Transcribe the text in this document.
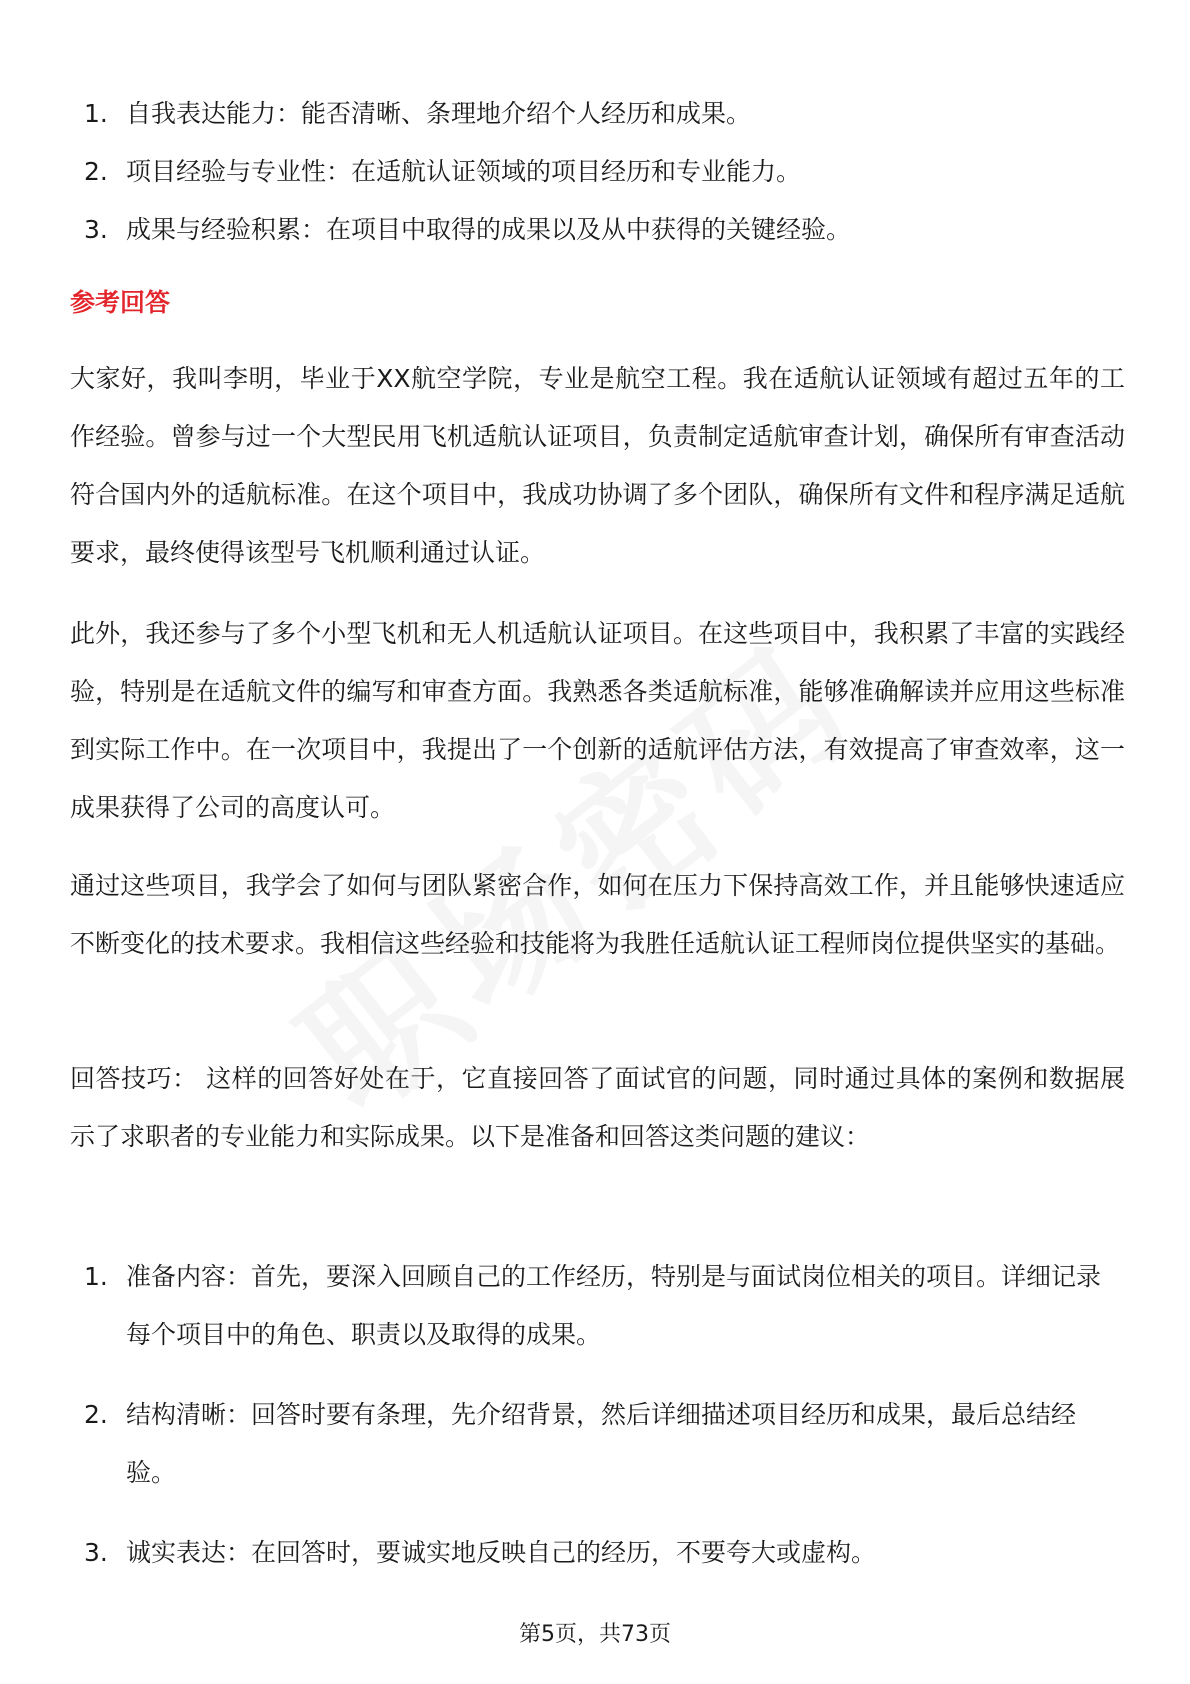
1. 自我表达能力：能否清晰、条理地介绍个人经历和成果。
2. 项目经验与专业性：在适航认证领域的项目经历和专业能力。
3. 成果与经验积累：在项目中取得的成果以及从中获得的关键经验。
参考回答

大家好，我叫李明，毕业于XX航空学院，专业是航空工程。我在适航认证领域有超过五年的工作经验。曾参与过一个大型民用飞机适航认证项目，负责制定适航审查计划，确保所有审查活动符合国内外的适航标准。在这个项目中，我成功协调了多个团队，确保所有文件和程序满足适航要求，最终使得该型号飞机顺利通过认证。

此外，我还参与了多个小型飞机和无人机适航认证项目。在这些项目中，我积累了丰富的实践经验，特别是在适航文件的编写和审查方面。我熟悉各类适航标准，能够准确解读并应用这些标准到实际工作中。在一次项目中，我提出了一个创新的适航评估方法，有效提高了审查效率，这一成果获得了公司的高度认可。

通过这些项目，我学会了如何与团队紧密合作，如何在压力下保持高效工作，并且能够快速适应不断变化的技术要求。我相信这些经验和技能将为我胜任适航认证工程师岗位提供坚实的基础。

回答技巧： 这样的回答好处在于，它直接回答了面试官的问题，同时通过具体的案例和数据展示了求职者的专业能力和实际成果。以下是准备和回答这类问题的建议：

1. 准备内容：首先，要深入回顾自己的工作经历，特别是与面试岗位相关的项目。详细记录每个项目中的角色、职责以及取得的成果。
2. 结构清晰：回答时要有条理，先介绍背景，然后详细描述项目经历和成果，最后总结经验。
3. 诚实表达：在回答时，要诚实地反映自己的经历，不要夸大或虚构。
第5页，共73页
